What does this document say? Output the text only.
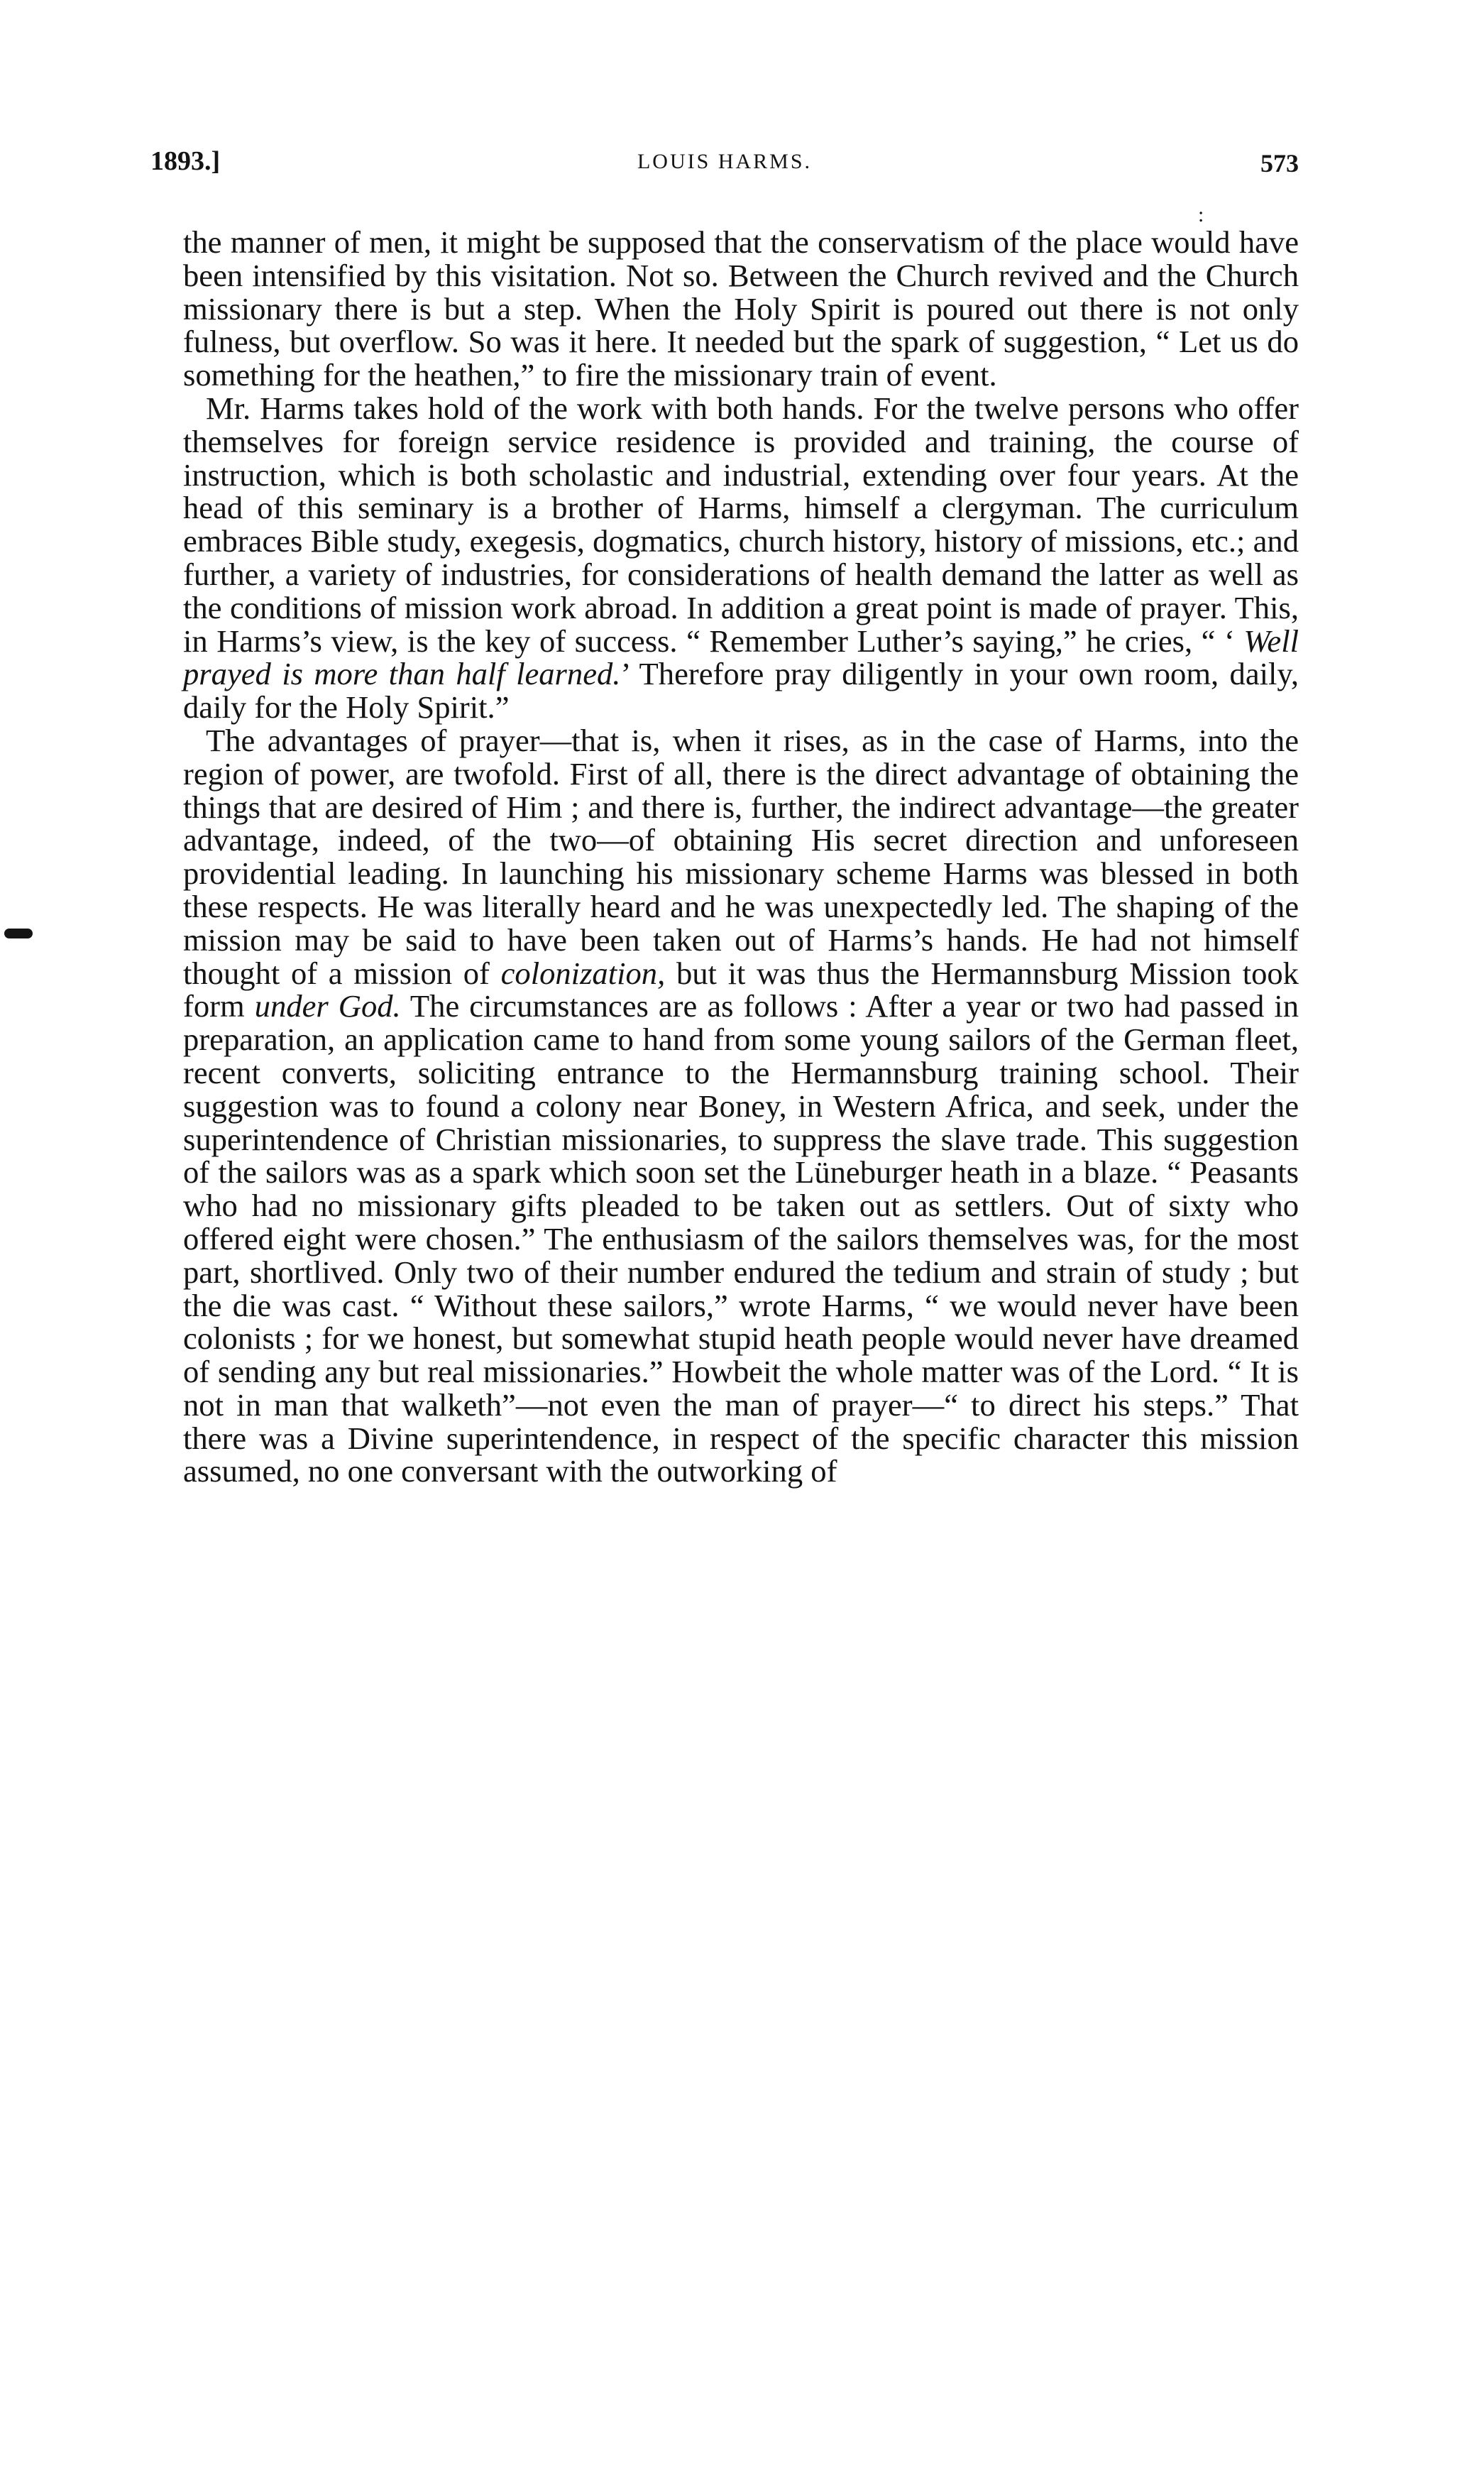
1893.]	LOUIS HARMS.	573
:

the manner of men, it might be supposed that the conservatism of the place would have been intensified by this visitation. Not so. Between the Church revived and the Church missionary there is but a step. When the Holy Spirit is poured out there is not only fulness, but overflow. So was it here. It needed but the spark of suggestion, “ Let us do something for the heathen,” to fire the missionary train of event.

Mr. Harms takes hold of the work with both hands. For the twelve persons who offer themselves for foreign service residence is provided and training, the course of instruction, which is both scholastic and industrial, extending over four years. At the head of this seminary is a brother of Harms, himself a clergyman. The curriculum embraces Bible study, exegesis, dogmatics, church history, history of missions, etc.; and further, a variety of industries, for considerations of health demand the latter as well as the conditions of mission work abroad. In addition a great point is made of prayer. This, in Harms’s view, is the key of success. “ Remember Luther’s saying,” he cries, “ ‘ Well prayed is more than half learned.’ Therefore pray diligently in your own room, daily, daily for the Holy Spirit.”

The advantages of prayer—that is, when it rises, as in the case of Harms, into the region of power, are twofold. First of all, there is the direct advantage of obtaining the things that are desired of Him ; and there is, further, the indirect advantage—the greater advantage, indeed, of the two—of obtaining His secret direction and unforeseen providential leading. In launching his missionary scheme Harms was blessed in both these respects. He was literally heard and he was unexpectedly led. The shaping of the mission may be said to have been taken out of Harms’s hands. He had not himself thought of a mission of colonization, but it was thus the Hermannsburg Mission took form under God. The circumstances are as follows : After a year or two had passed in preparation, an application came to hand from some young sailors of the German fleet, recent converts, soliciting entrance to the Hermannsburg training school. Their suggestion was to found a colony near Boney, in Western Africa, and seek, under the superintendence of Christian missionaries, to suppress the slave trade. This suggestion of the sailors was as a spark which soon set the Lüneburger heath in a blaze. “ Peasants who had no missionary gifts pleaded to be taken out as settlers. Out of sixty who offered eight were chosen.” The enthusiasm of the sailors themselves was, for the most part, shortlived. Only two of their number endured the tedium and strain of study ; but the die was cast. “ Without these sailors,” wrote Harms, “ we would never have been colonists ; for we honest, but somewhat stupid heath people would never have dreamed of sending any but real missionaries.” Howbeit the whole matter was of the Lord. “ It is not in man that walketh”—not even the man of prayer—“ to direct his steps.” That there was a Divine superintendence, in respect of the specific character this mission assumed, no one conversant with the outworking of
